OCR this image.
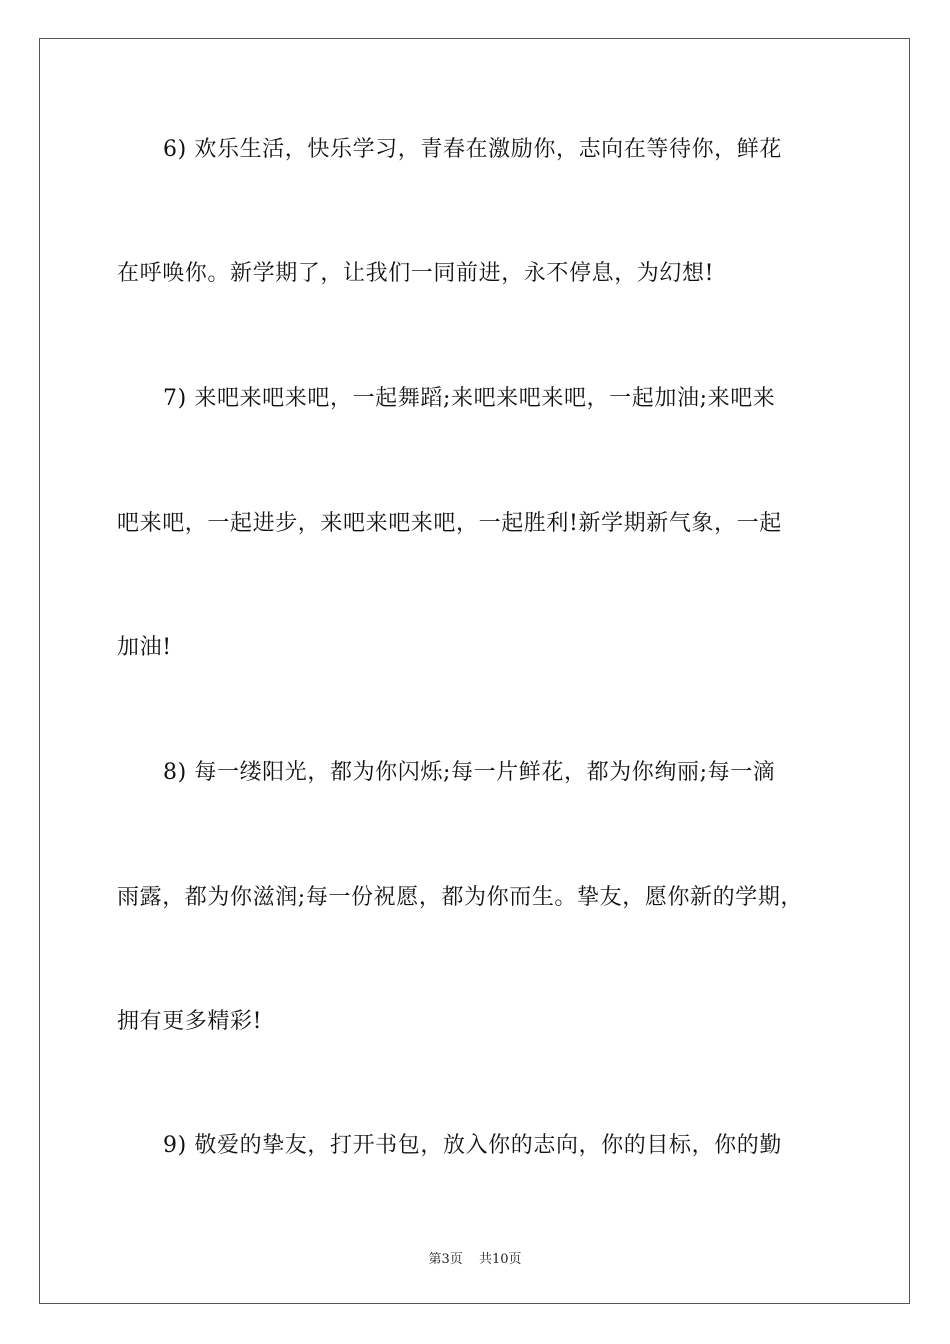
6) 欢乐生活，快乐学习，青春在激励你，志向在等待你，鲜花
在呼唤你。新学期了，让我们一同前进，永不停息，为幻想!
7) 来吧来吧来吧，一起舞蹈;来吧来吧来吧，一起加油;来吧来
吧来吧，一起进步，来吧来吧来吧，一起胜利!新学期新气象，一起
加油!
8) 每一缕阳光，都为你闪烁;每一片鲜花，都为你绚丽;每一滴
雨露，都为你滋润;每一份祝愿，都为你而生。挚友，愿你新的学期，
拥有更多精彩!
9) 敬爱的挚友，打开书包，放入你的志向，你的目标，你的勤
第3页 共10页
